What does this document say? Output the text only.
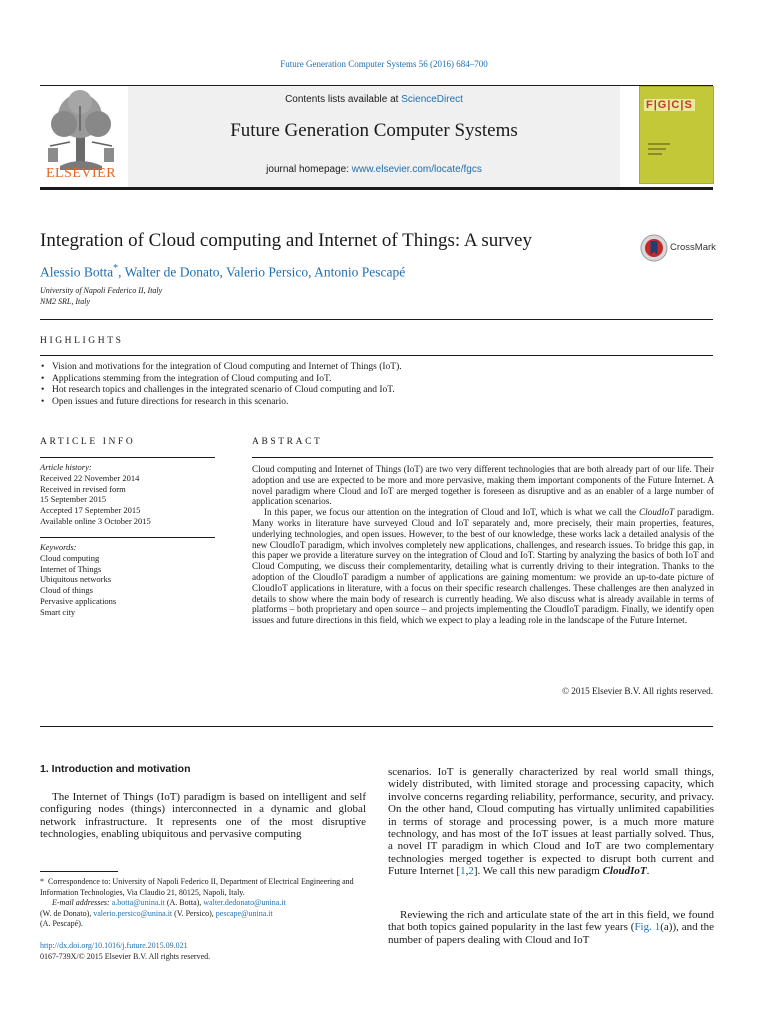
Future Generation Computer Systems 56 (2016) 684–700
ELSEVIER
Contents lists available at ScienceDirect
Future Generation Computer Systems
journal homepage: www.elsevier.com/locate/fgcs
F|G|C|S
Integration of Cloud computing and Internet of Things: A survey	CrossMark
Alessio Botta*, Walter de Donato, Valerio Persico, Antonio Pescapé
University of Napoli Federico II, Italy
NM2 SRL, Italy
HIGHLIGHTS
• Vision and motivations for the integration of Cloud computing and Internet of Things (IoT).
• Applications stemming from the integration of Cloud computing and IoT.
• Hot research topics and challenges in the integrated scenario of Cloud computing and IoT.
• Open issues and future directions for research in this scenario.
ARTICLE INFO
Article history:
Received 22 November 2014
Received in revised form
15 September 2015
Accepted 17 September 2015
Available online 3 October 2015
Keywords:
Cloud computing
Internet of Things
Ubiquitous networks
Cloud of things
Pervasive applications
Smart city
ABSTRACT

Cloud computing and Internet of Things (IoT) are two very different technologies that are both already part of our life. Their adoption and use are expected to be more and more pervasive, making them important components of the Future Internet. A novel paradigm where Cloud and IoT are merged together is foreseen as disruptive and as an enabler of a large number of application scenarios.

In this paper, we focus our attention on the integration of Cloud and IoT, which is what we call the CloudIoT paradigm. Many works in literature have surveyed Cloud and IoT separately and, more precisely, their main properties, features, underlying technologies, and open issues. However, to the best of our knowledge, these works lack a detailed analysis of the new CloudIoT paradigm, which involves completely new applications, challenges, and research issues. To bridge this gap, in this paper we provide a literature survey on the integration of Cloud and IoT. Starting by analyzing the basics of both IoT and Cloud Computing, we discuss their complementarity, detailing what is currently driving to their integration. Thanks to the adoption of the CloudIoT paradigm a number of applications are gaining momentum: we provide an up-to-date picture of CloudIoT applications in literature, with a focus on their specific research challenges. These challenges are then analyzed in details to show where the main body of research is currently heading. We also discuss what is already available in terms of platforms – both proprietary and open source – and projects implementing the CloudIoT paradigm. Finally, we identify open issues and future directions in this field, which we expect to play a leading role in the landscape of the Future Internet.

© 2015 Elsevier B.V. All rights reserved.
1. Introduction and motivation
The Internet of Things (IoT) paradigm is based on intelligent and self configuring nodes (things) interconnected in a dynamic and global network infrastructure. It represents one of the most disruptive technologies, enabling ubiquitous and pervasive computing
scenarios. IoT is generally characterized by real world small things, widely distributed, with limited storage and processing capacity, which involve concerns regarding reliability, performance, security, and privacy. On the other hand, Cloud computing has virtually unlimited capabilities in terms of storage and processing power, is a much more mature technology, and has most of the IoT issues at least partially solved. Thus, a novel IT paradigm in which Cloud and IoT are two complementary technologies merged together is expected to disrupt both current and Future Internet [1,2]. We call this new paradigm CloudIoT.
Reviewing the rich and articulate state of the art in this field, we found that both topics gained popularity in the last few years (Fig. 1(a)), and the number of papers dealing with Cloud and IoT
* Correspondence to: University of Napoli Federico II, Department of Electrical Engineering and Information Technologies, Via Claudio 21, 80125, Napoli, Italy.
E-mail addresses: a.botta@unina.it (A. Botta), walter.dedonato@unina.it
(W. de Donato), valerio.persico@unina.it (V. Persico), pescape@unina.it
(A. Pescapé).
http://dx.doi.org/10.1016/j.future.2015.09.021
0167-739X/© 2015 Elsevier B.V. All rights reserved.
